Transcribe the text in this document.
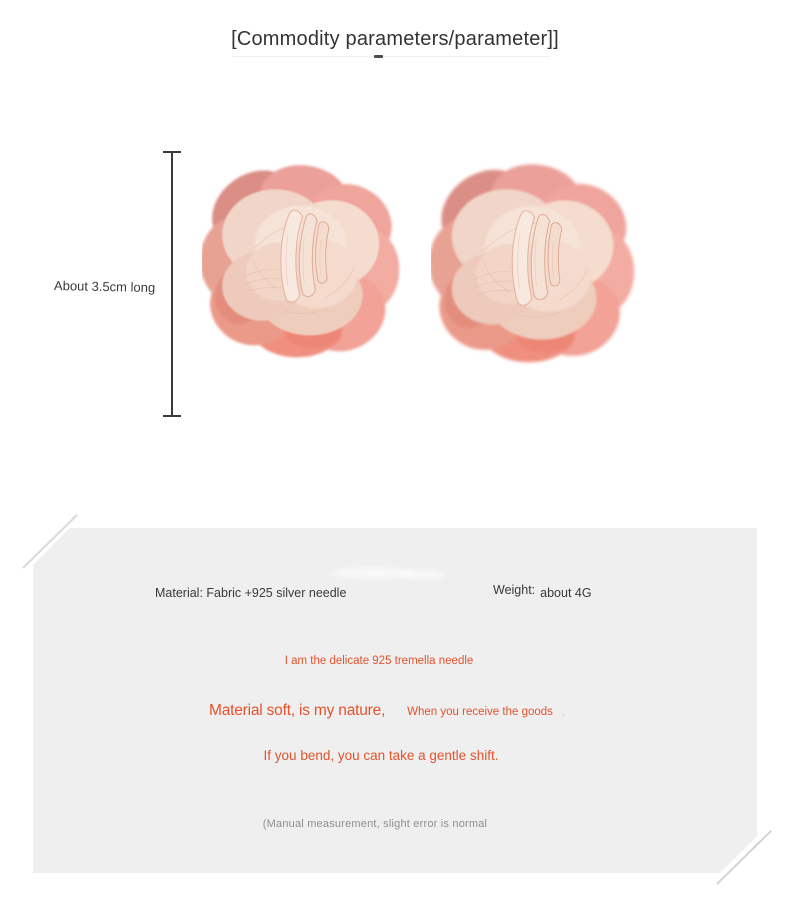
[Commodity parameters/parameter]]
About 3.5cm long
Material: Fabric +925 silver needle	Weight: about 4G
I am the delicate 925 tremella needle
Material soft, is my nature, When you receive the goods ,
If you bend, you can take a gentle shift.
(Manual measurement, slight error is normal
